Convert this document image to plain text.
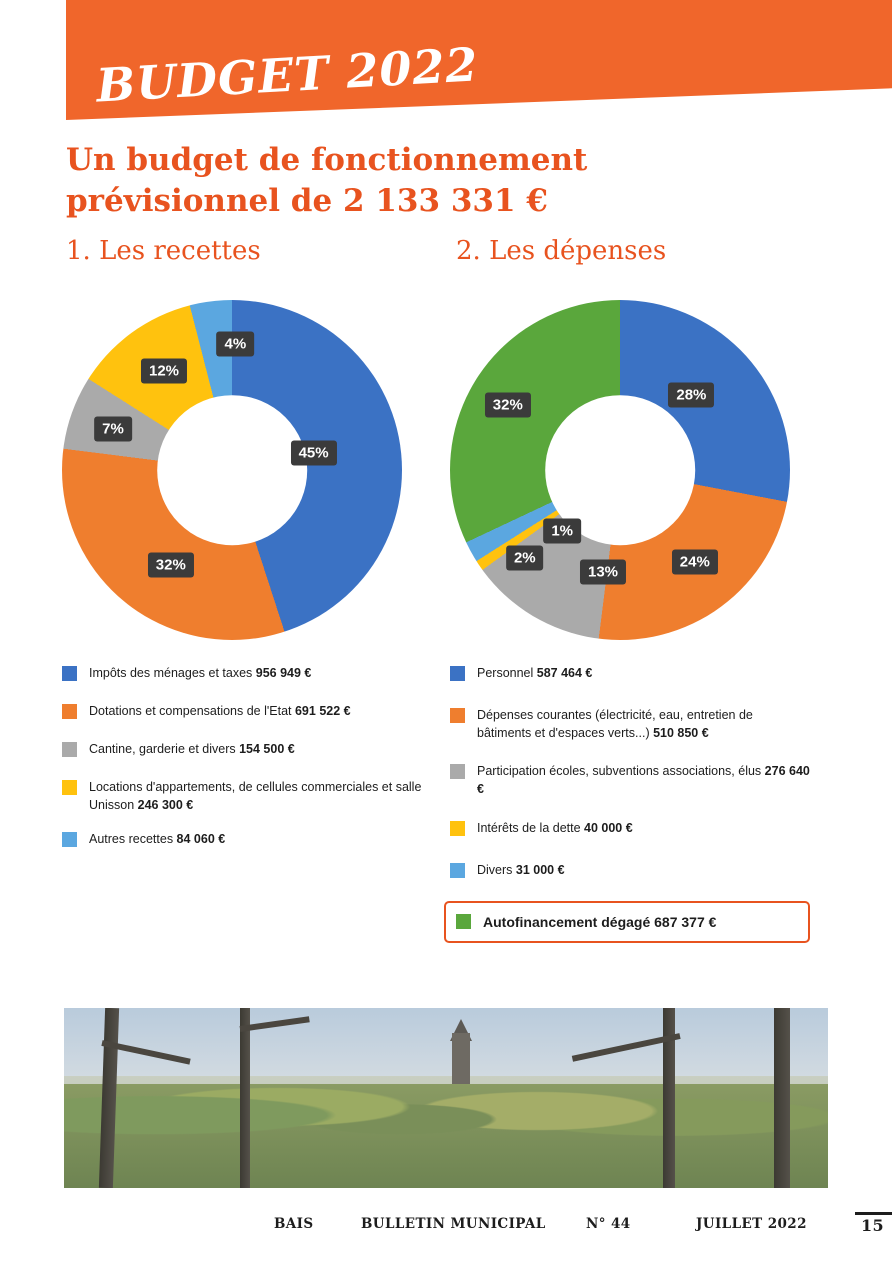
BUDGET 2022
Un budget de fonctionnement
prévisionnel de 2 133 331 €
1. Les recettes	2. Les dépenses
45%
32%
7%
12%
4%
28%
24%
13%
1%
2%
32%
Impôts des ménages et taxes 956 949 €
Dotations et compensations de l'Etat 691 522 €
Cantine, garderie et divers 154 500 €
Locations d'appartements, de cellules commerciales et salle Unisson 246 300 €
Autres recettes 84 060 €
Personnel 587 464 €
Dépenses courantes (électricité, eau, entretien de bâtiments et d'espaces verts...) 510 850 €
Participation écoles, subventions associations, élus 276 640 €
Intérêts de la dette 40 000 €
Divers 31 000 €
Autofinancement dégagé 687 377 €
BAIS	BULLETIN MUNICIPAL	N° 44	JUILLET 2022	15
